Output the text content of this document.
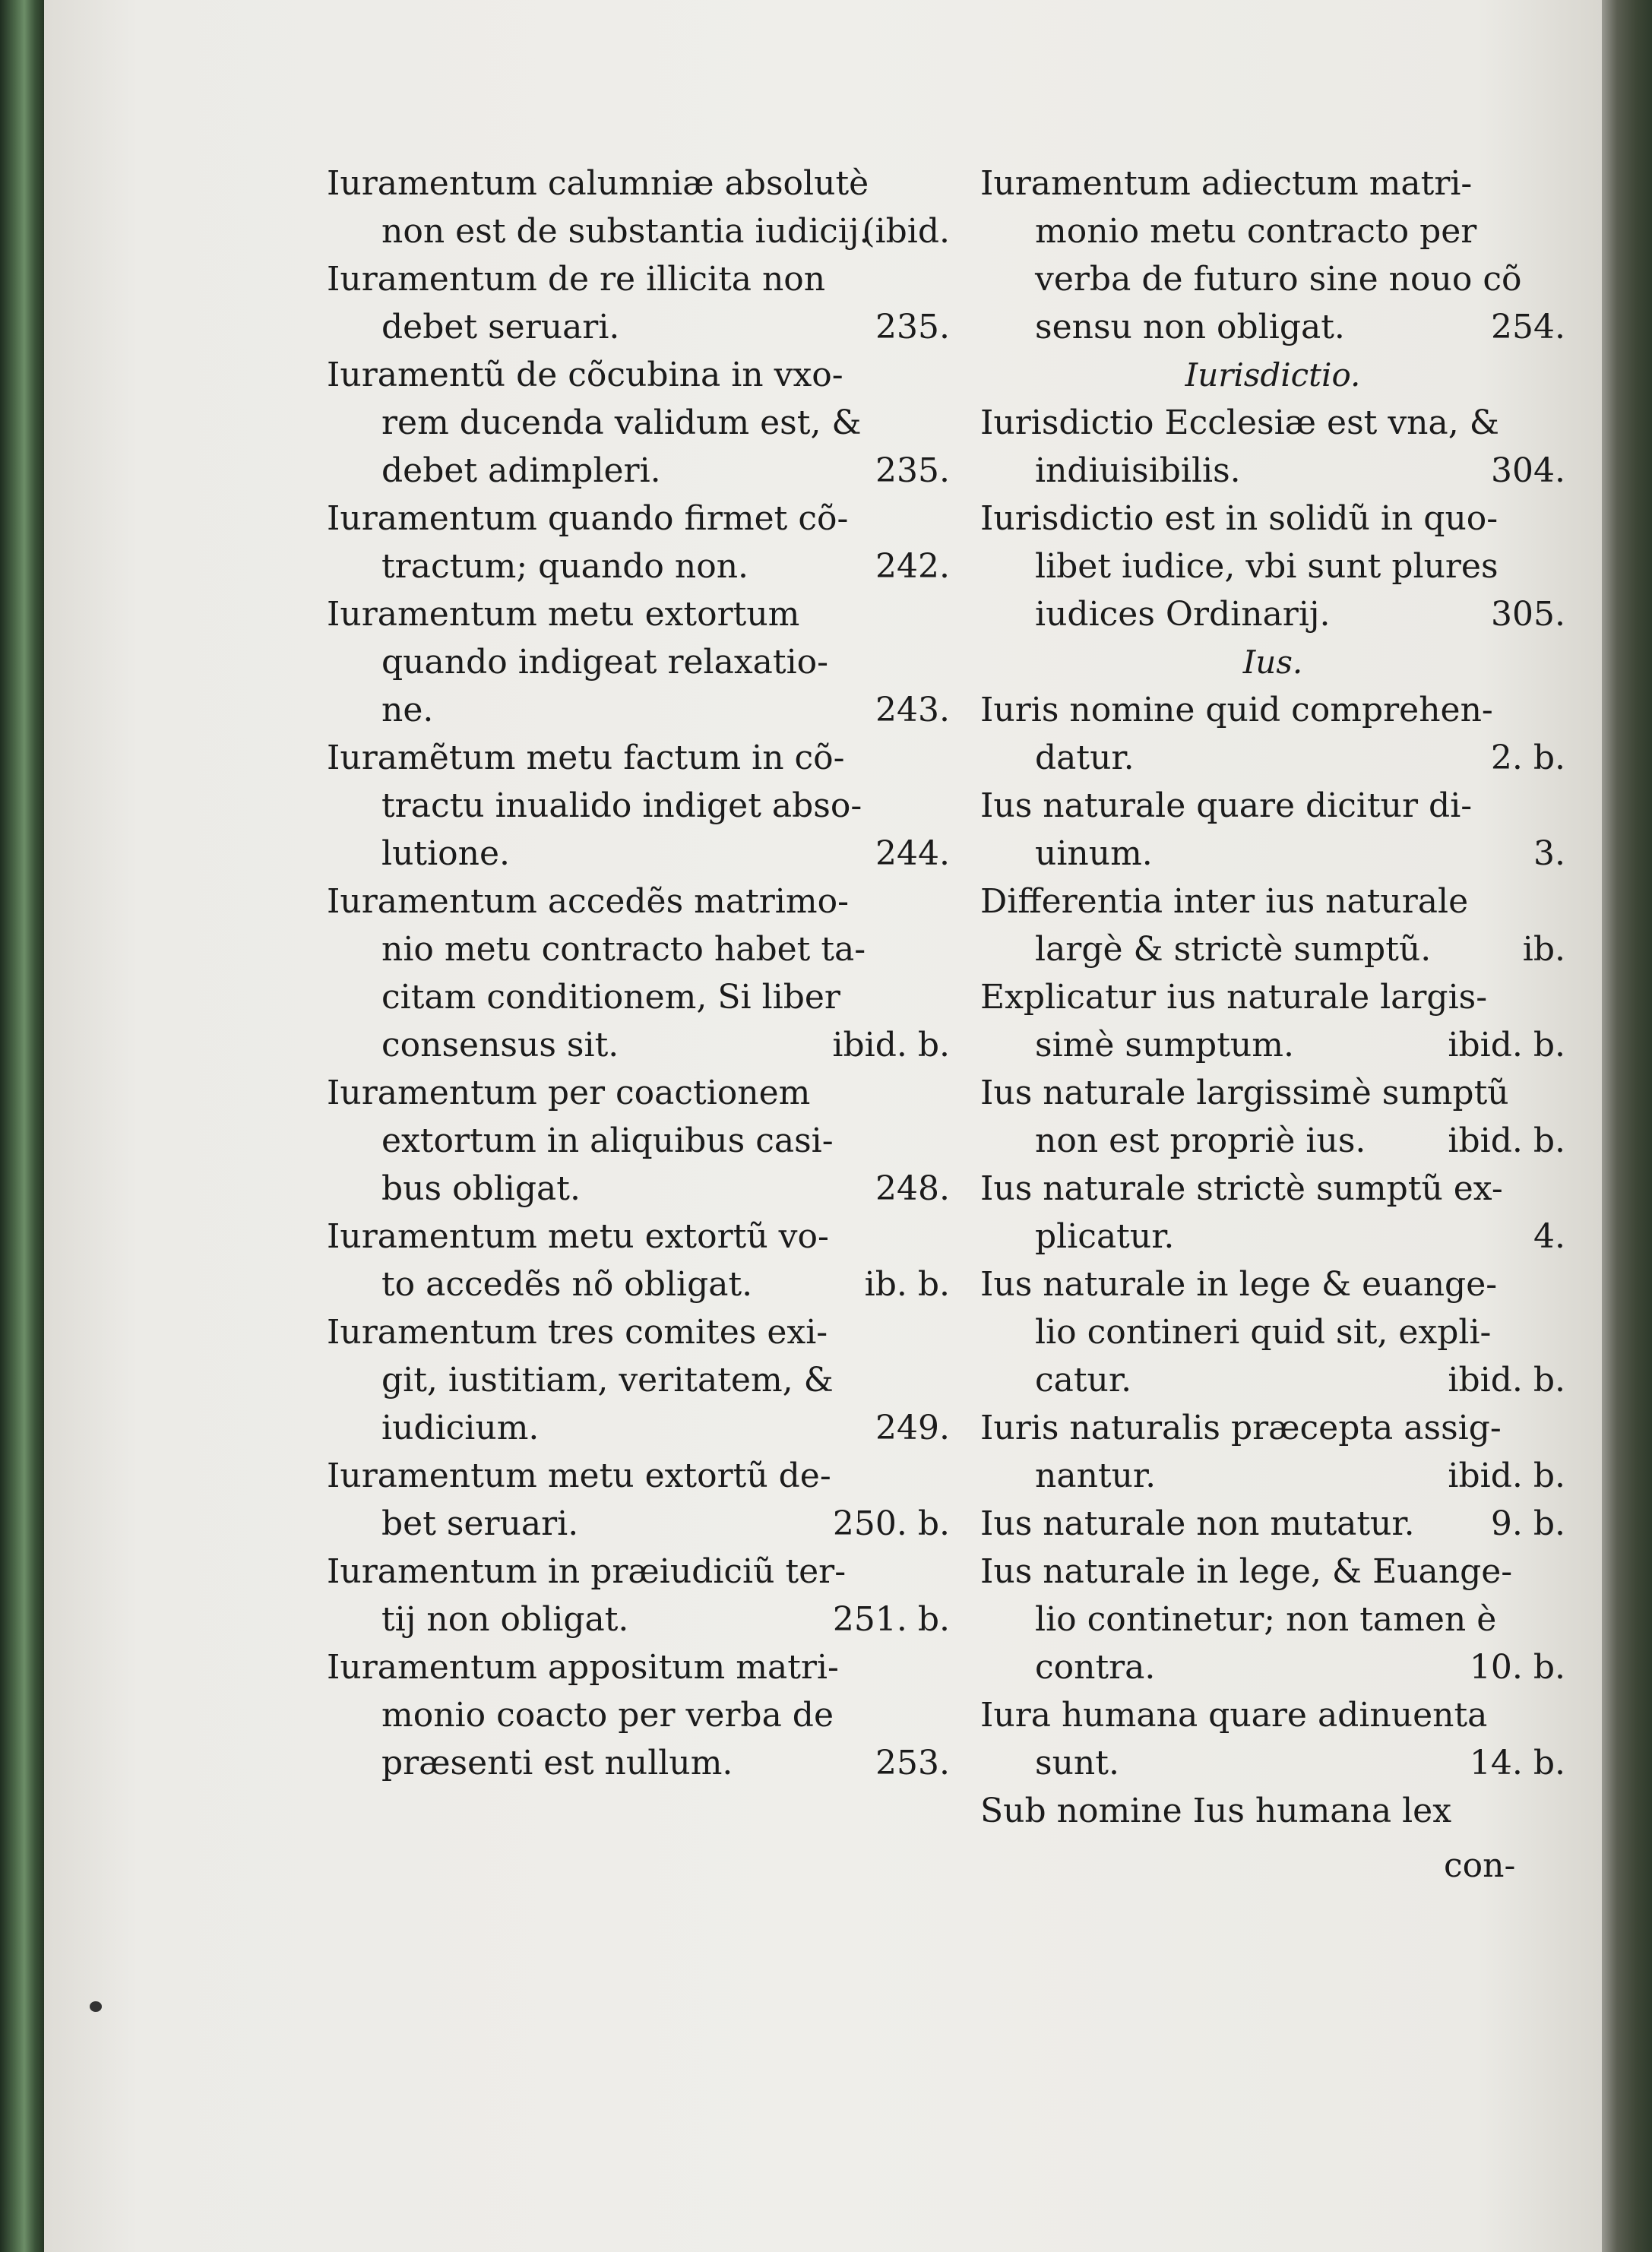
Iuramentum calumniæ absolutè
(ibid.
non est de substantia iudicij.
Iuramentum de re illicita non
235.
debet seruari.
Iuramentũ de cõcubina in vxo-
rem ducenda validum est, &
235.
debet adimpleri.
Iuramentum quando firmet cõ-
242.
tractum; quando non.
Iuramentum metu extortum
quando indigeat relaxatio-
243.
ne.
Iuramẽtum metu factum in cõ-
tractu inualido indiget abso-
244.
lutione.
Iuramentum accedẽs matrimo-
nio metu contracto habet ta-
citam conditionem, Si liber
ibid. b.
consensus sit.
Iuramentum per coactionem
extortum in aliquibus casi-
248.
bus obligat.
Iuramentum metu extortũ vo-
ib. b.
to accedẽs nõ obligat.
Iuramentum tres comites exi-
git, iustitiam, veritatem, &
249.
iudicium.
Iuramentum metu extortũ de-
250. b.
bet seruari.
Iuramentum in præiudiciũ ter-
251. b.
tij non obligat.
Iuramentum appositum matri-
monio coacto per verba de
253.
præsenti est nullum.
Iuramentum adiectum matri-
monio metu contracto per
verba de futuro sine nouo cõ
254.
sensu non obligat.
Iurisdictio.
Iurisdictio Ecclesiæ est vna, &
304.
indiuisibilis.
Iurisdictio est in solidũ in quo-
libet iudice, vbi sunt plures
305.
iudices Ordinarij.
Ius.
Iuris nomine quid comprehen-
2. b.
datur.
Ius naturale quare dicitur di-
3.
uinum.
Differentia inter ius naturale
ib.
largè & strictè sumptũ.
Explicatur ius naturale largis-
ibid. b.
simè sumptum.
Ius naturale largissimè sumptũ
ibid. b.
non est propriè ius.
Ius naturale strictè sumptũ ex-
4.
plicatur.
Ius naturale in lege & euange-
lio contineri quid sit, expli-
ibid. b.
catur.
Iuris naturalis præcepta assig-
ibid. b.
nantur.
9. b.
Ius naturale non mutatur.
Ius naturale in lege, & Euange-
lio continetur; non tamen è
10. b.
contra.
Iura humana quare adinuenta
14. b.
sunt.
Sub nomine Ius humana lex
con-
